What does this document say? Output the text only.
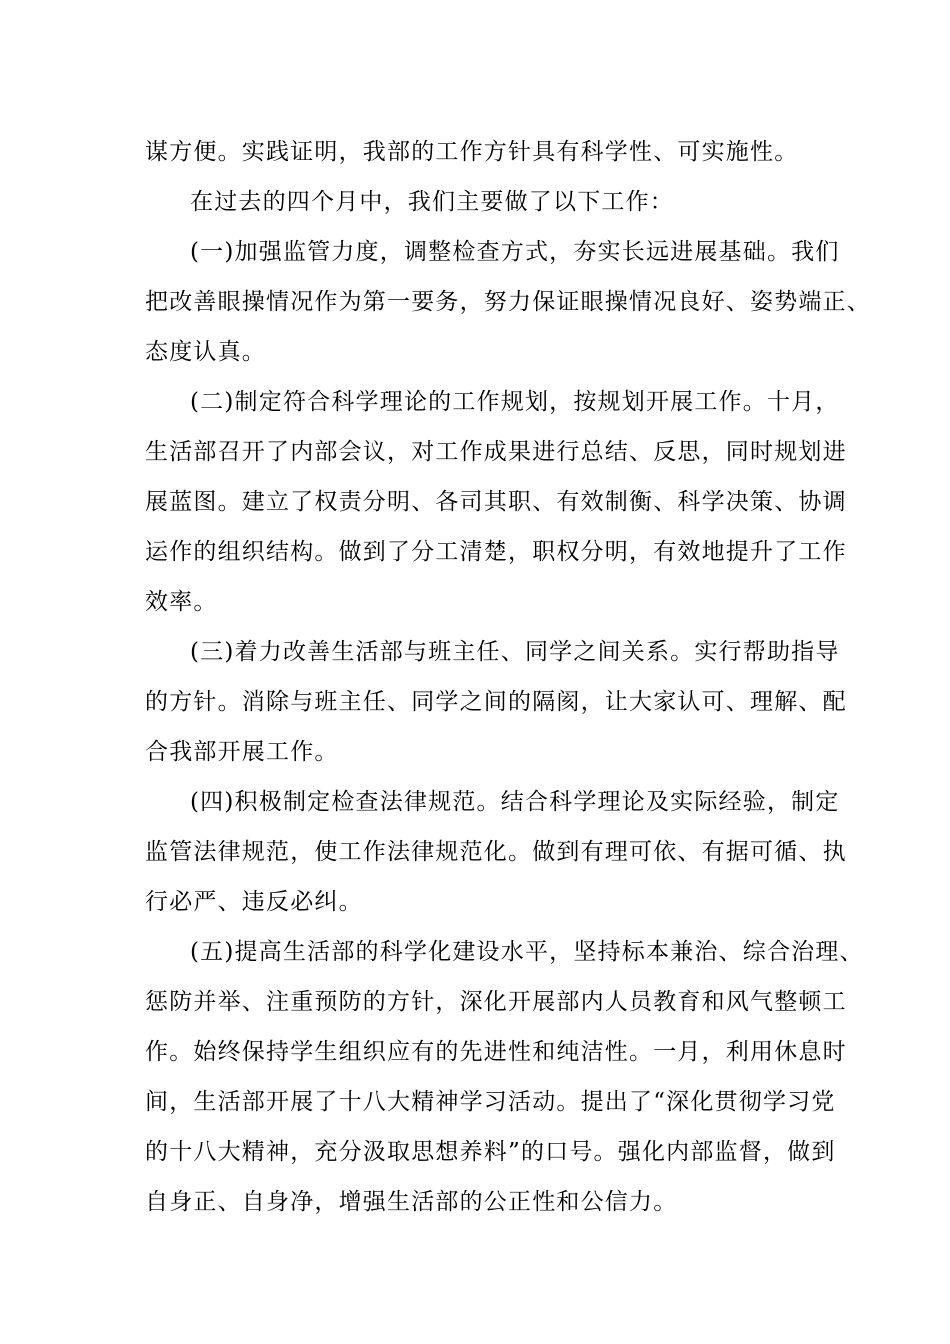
谋方便。实践证明，我部的工作方针具有科学性、可实施性。
在过去的四个月中，我们主要做了以下工作：
(一)加强监管力度，调整检查方式，夯实长远进展基础。我们
把改善眼操情况作为第一要务，努力保证眼操情况良好、姿势端正、
态度认真。
(二)制定符合科学理论的工作规划，按规划开展工作。十月，
生活部召开了内部会议，对工作成果进行总结、反思，同时规划进
展蓝图。建立了权责分明、各司其职、有效制衡、科学决策、协调
运作的组织结构。做到了分工清楚，职权分明，有效地提升了工作
效率。
(三)着力改善生活部与班主任、同学之间关系。实行帮助指导
的方针。消除与班主任、同学之间的隔阂，让大家认可、理解、配
合我部开展工作。
(四)积极制定检查法律规范。结合科学理论及实际经验，制定
监管法律规范，使工作法律规范化。做到有理可依、有据可循、执
行必严、违反必纠。
(五)提高生活部的科学化建设水平，坚持标本兼治、综合治理、
惩防并举、注重预防的方针，深化开展部内人员教育和风气整顿工
作。始终保持学生组织应有的先进性和纯洁性。一月，利用休息时
间，生活部开展了十八大精神学习活动。提出了“深化贯彻学习党
的十八大精神，充分汲取思想养料”的口号。强化内部监督，做到
自身正、自身净，增强生活部的公正性和公信力。
